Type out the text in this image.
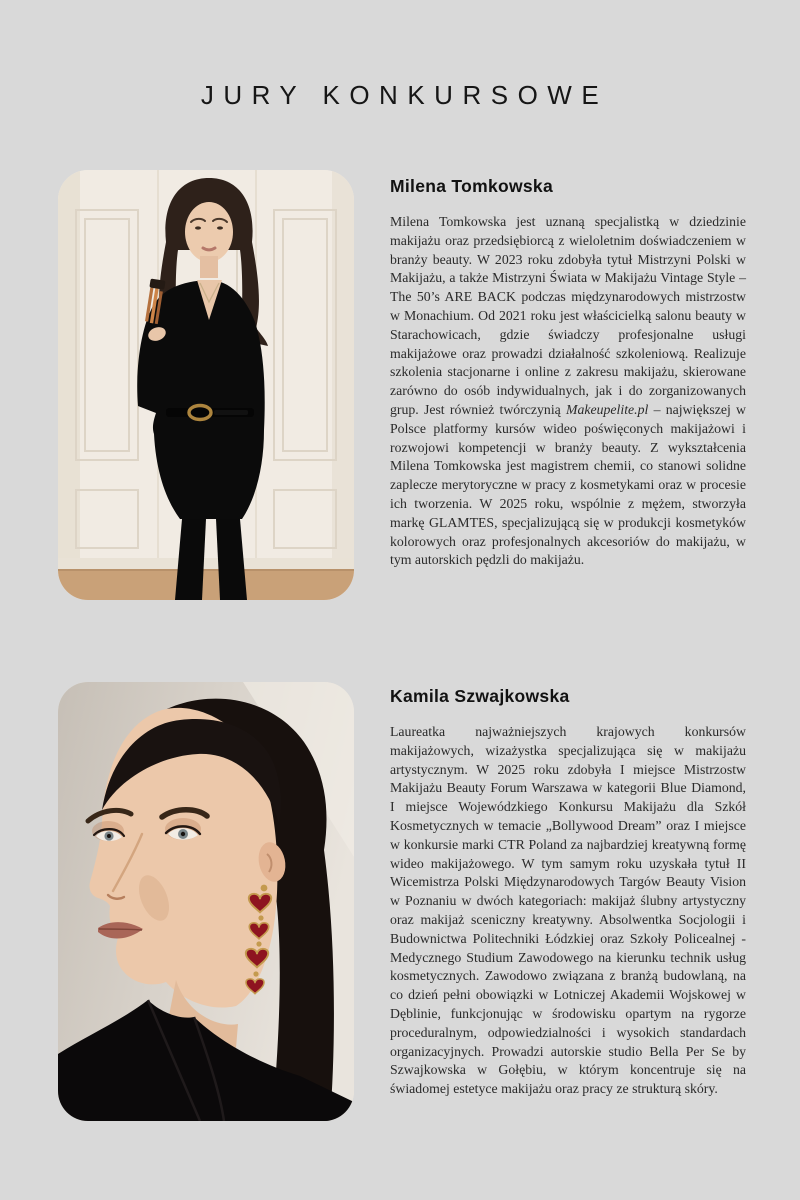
JURY KONKURSOWE
Milena Tomkowska

Milena Tomkowska jest uznaną specjalistką w dziedzinie makijażu oraz przedsiębiorcą z wieloletnim doświadczeniem w branży beauty. W 2023 roku zdobyła tytuł Mistrzyni Polski w Makijażu, a także Mistrzyni Świata w Makijażu Vintage Style – The 50’s ARE BACK podczas międzynarodowych mistrzostw w Monachium. Od 2021 roku jest właścicielką salonu beauty w Starachowicach, gdzie świadczy profesjonalne usługi makijażowe oraz prowadzi działalność szkoleniową. Realizuje szkolenia stacjonarne i online z zakresu makijażu, skierowane zarówno do osób indywidualnych, jak i do zorganizowanych grup. Jest również twórczynią Makeupelite.pl – największej w Polsce platformy kursów wideo poświęconych makijażowi i rozwojowi kompetencji w branży beauty. Z wykształcenia Milena Tomkowska jest magistrem chemii, co stanowi solidne zaplecze merytoryczne w pracy z kosmetykami oraz w procesie ich tworzenia. W 2025 roku, wspólnie z mężem, stworzyła markę GLAMTES, specjalizującą się w produkcji kosmetyków kolorowych oraz profesjonalnych akcesoriów do makijażu, w tym autorskich pędzli do makijażu.

Kamila Szwajkowska

Laureatka najważniejszych krajowych konkursów makijażowych, wizażystka specjalizująca się w makijażu artystycznym. W 2025 roku zdobyła I miejsce Mistrzostw Makijażu Beauty Forum Warszawa w kategorii Blue Diamond, I miejsce Wojewódzkiego Konkursu Makijażu dla Szkół Kosmetycznych w temacie „Bollywood Dream” oraz I miejsce w konkursie marki CTR Poland za najbardziej kreatywną formę wideo makijażowego. W tym samym roku uzyskała tytuł II Wicemistrza Polski Międzynarodowych Targów Beauty Vision w Poznaniu w dwóch kategoriach: makijaż ślubny artystyczny oraz makijaż sceniczny kreatywny. Absolwentka Socjologii i Budownictwa Politechniki Łódzkiej oraz Szkoły Policealnej - Medycznego Studium Zawodowego na kierunku technik usług kosmetycznych. Zawodowo związana z branżą budowlaną, na co dzień pełni obowiązki w Lotniczej Akademii Wojskowej w Dęblinie, funkcjonując w środowisku opartym na rygorze proceduralnym, odpowiedzialności i wysokich standardach organizacyjnych. Prowadzi autorskie studio Bella Per Se by Szwajkowska w Gołębiu, w którym koncentruje się na świadomej estetyce makijażu oraz pracy ze strukturą skóry.
